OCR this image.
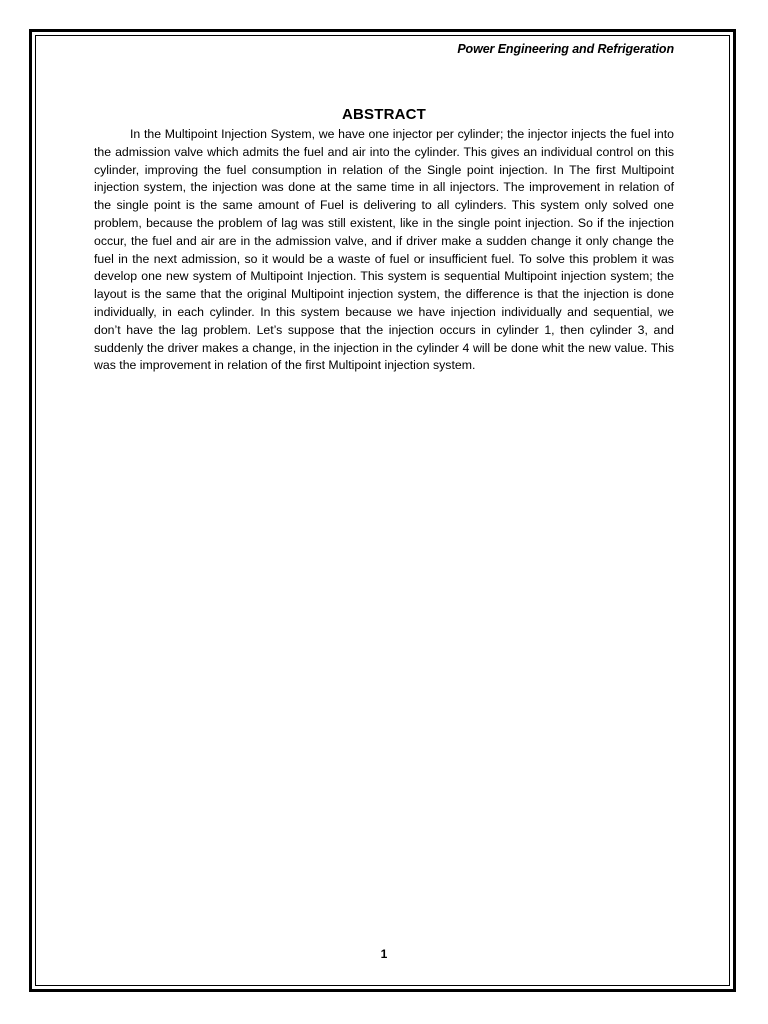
Power Engineering and Refrigeration
ABSTRACT

In the Multipoint Injection System, we have one injector per cylinder; the injector injects the fuel into the admission valve which admits the fuel and air into the cylinder. This gives an individual control on this cylinder, improving the fuel consumption in relation of the Single point injection. In The first Multipoint injection system, the injection was done at the same time in all injectors. The improvement in relation of the single point is the same amount of Fuel is delivering to all cylinders. This system only solved one problem, because the problem of lag was still existent, like in the single point injection. So if the injection occur, the fuel and air are in the admission valve, and if driver make a sudden change it only change the fuel in the next admission, so it would be a waste of fuel or insufficient fuel. To solve this problem it was develop one new system of Multipoint Injection. This system is sequential Multipoint injection system; the layout is the same that the original Multipoint injection system, the difference is that the injection is done individually, in each cylinder. In this system because we have injection individually and sequential, we don’t have the lag problem. Let’s suppose that the injection occurs in cylinder 1, then cylinder 3, and suddenly the driver makes a change, in the injection in the cylinder 4 will be done whit the new value. This was the improvement in relation of the first Multipoint injection system.

1
